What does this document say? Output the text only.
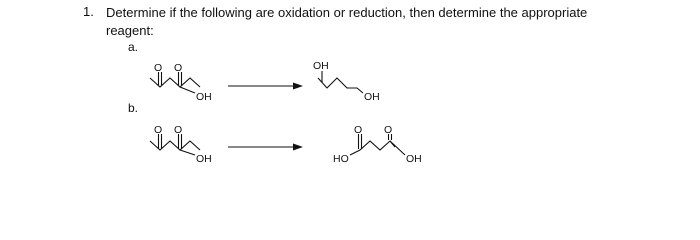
1. Determine if the following are oxidation or reduction, then determine the appropriate reagent:
a.
b.
O O
OH
OH
OH
O O
OH
O O
HO	OH
